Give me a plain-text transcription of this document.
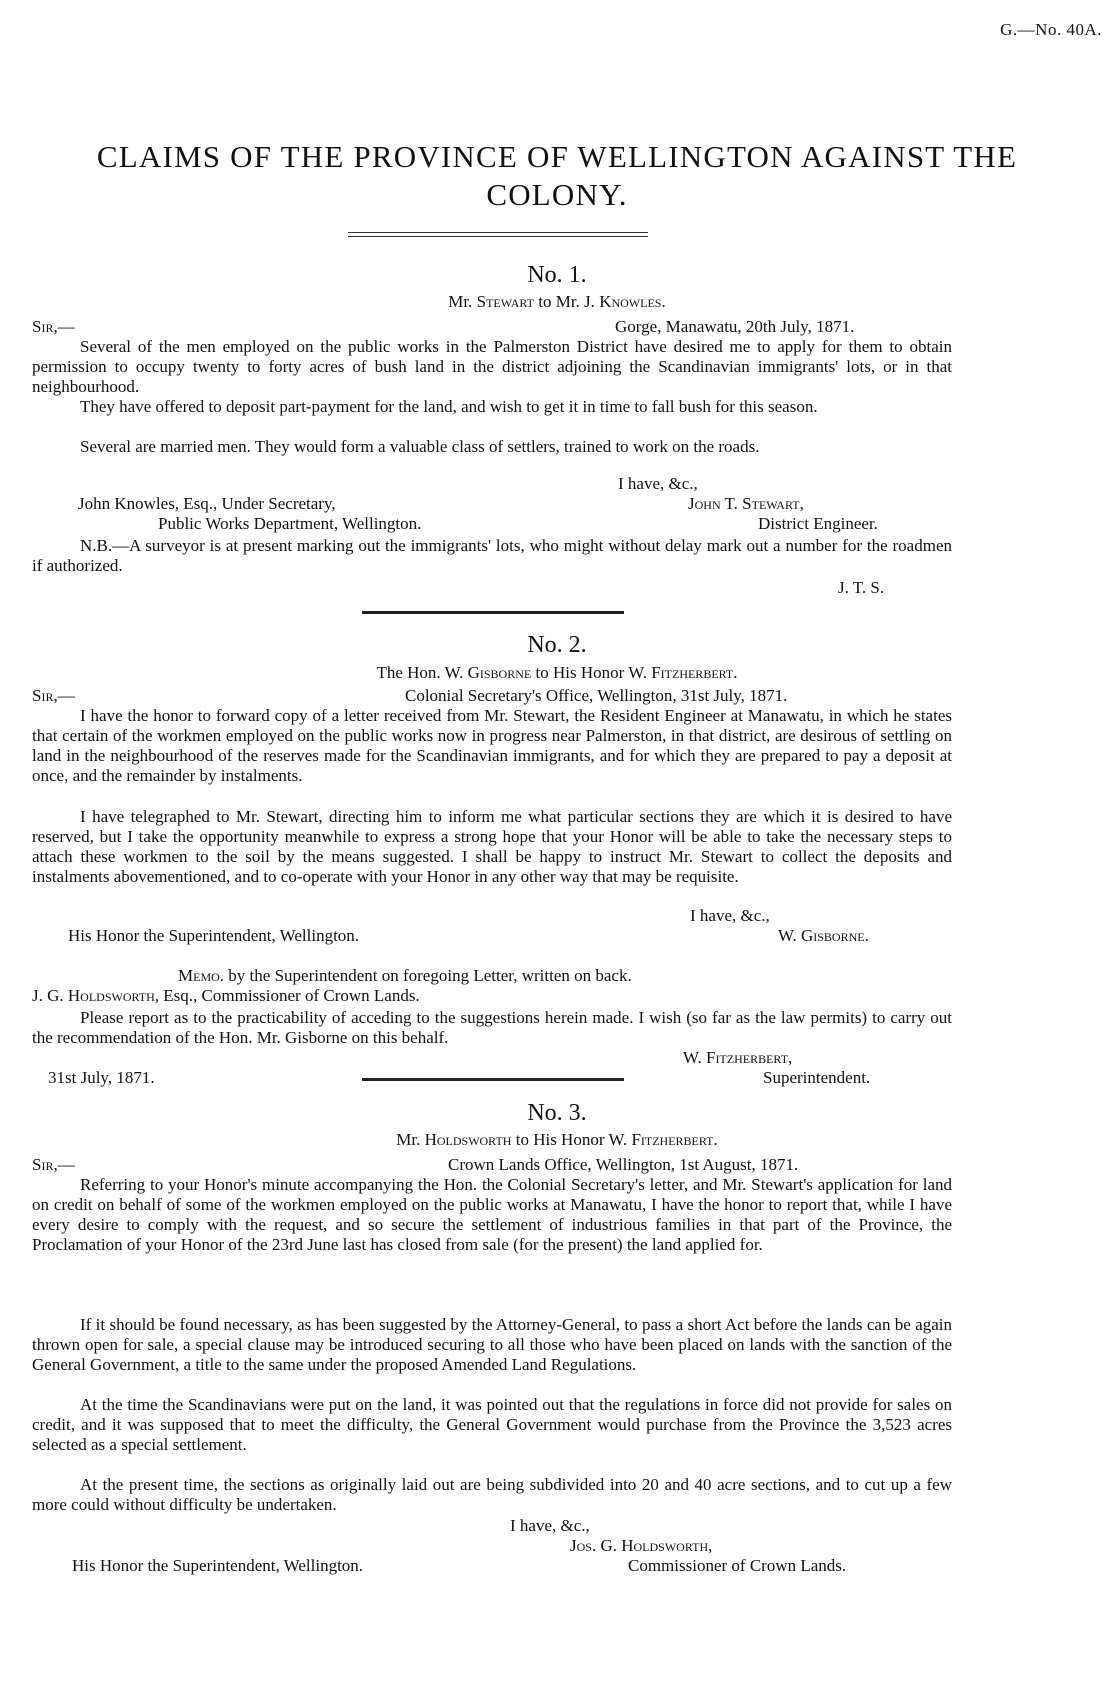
G.—No. 40A.
CLAIMS OF THE PROVINCE OF WELLINGTON AGAINST THE
COLONY.
No. 1.
Mr. Stewart to Mr. J. Knowles.
Sir,—	Gorge, Manawatu, 20th July, 1871.
Several of the men employed on the public works in the Palmerston District have desired me to apply for them to obtain permission to occupy twenty to forty acres of bush land in the district adjoining the Scandinavian immigrants' lots, or in that neighbourhood.
They have offered to deposit part-payment for the land, and wish to get it in time to fall bush for this season.
Several are married men. They would form a valuable class of settlers, trained to work on the roads.
I have, &c.,
John Knowles, Esq., Under Secretary,
Public Works Department, Wellington.
John T. Stewart,
District Engineer.
N.B.—A surveyor is at present marking out the immigrants' lots, who might without delay mark out a number for the roadmen if authorized.
J. T. S.
No. 2.
The Hon. W. Gisborne to His Honor W. Fitzherbert.
Sir,—	Colonial Secretary's Office, Wellington, 31st July, 1871.
I have the honor to forward copy of a letter received from Mr. Stewart, the Resident Engineer at Manawatu, in which he states that certain of the workmen employed on the public works now in progress near Palmerston, in that district, are desirous of settling on land in the neighbourhood of the reserves made for the Scandinavian immigrants, and for which they are prepared to pay a deposit at once, and the remainder by instalments.
I have telegraphed to Mr. Stewart, directing him to inform me what particular sections they are which it is desired to have reserved, but I take the opportunity meanwhile to express a strong hope that your Honor will be able to take the necessary steps to attach these workmen to the soil by the means suggested. I shall be happy to instruct Mr. Stewart to collect the deposits and instalments abovementioned, and to co-operate with your Honor in any other way that may be requisite.
I have, &c.,
His Honor the Superintendent, Wellington.	W. Gisborne.
Memo. by the Superintendent on foregoing Letter, written on back.
J. G. Holdsworth, Esq., Commissioner of Crown Lands.
Please report as to the practicability of acceding to the suggestions herein made. I wish (so far as the law permits) to carry out the recommendation of the Hon. Mr. Gisborne on this behalf.
W. Fitzherbert,
31st July, 1871.	Superintendent.
No. 3.
Mr. Holdsworth to His Honor W. Fitzherbert.
Sir,—	Crown Lands Office, Wellington, 1st August, 1871.
Referring to your Honor's minute accompanying the Hon. the Colonial Secretary's letter, and Mr. Stewart's application for land on credit on behalf of some of the workmen employed on the public works at Manawatu, I have the honor to report that, while I have every desire to comply with the request, and so secure the settlement of industrious families in that part of the Province, the Proclamation of your Honor of the 23rd June last has closed from sale (for the present) the land applied for.
If it should be found necessary, as has been suggested by the Attorney-General, to pass a short Act before the lands can be again thrown open for sale, a special clause may be introduced securing to all those who have been placed on lands with the sanction of the General Government, a title to the same under the proposed Amended Land Regulations.
At the time the Scandinavians were put on the land, it was pointed out that the regulations in force did not provide for sales on credit, and it was supposed that to meet the difficulty, the General Government would purchase from the Province the 3,523 acres selected as a special settlement.
At the present time, the sections as originally laid out are being subdivided into 20 and 40 acre sections, and to cut up a few more could without difficulty be undertaken.
I have, &c.,
Jos. G. Holdsworth,
His Honor the Superintendent, Wellington.	Commissioner of Crown Lands.
